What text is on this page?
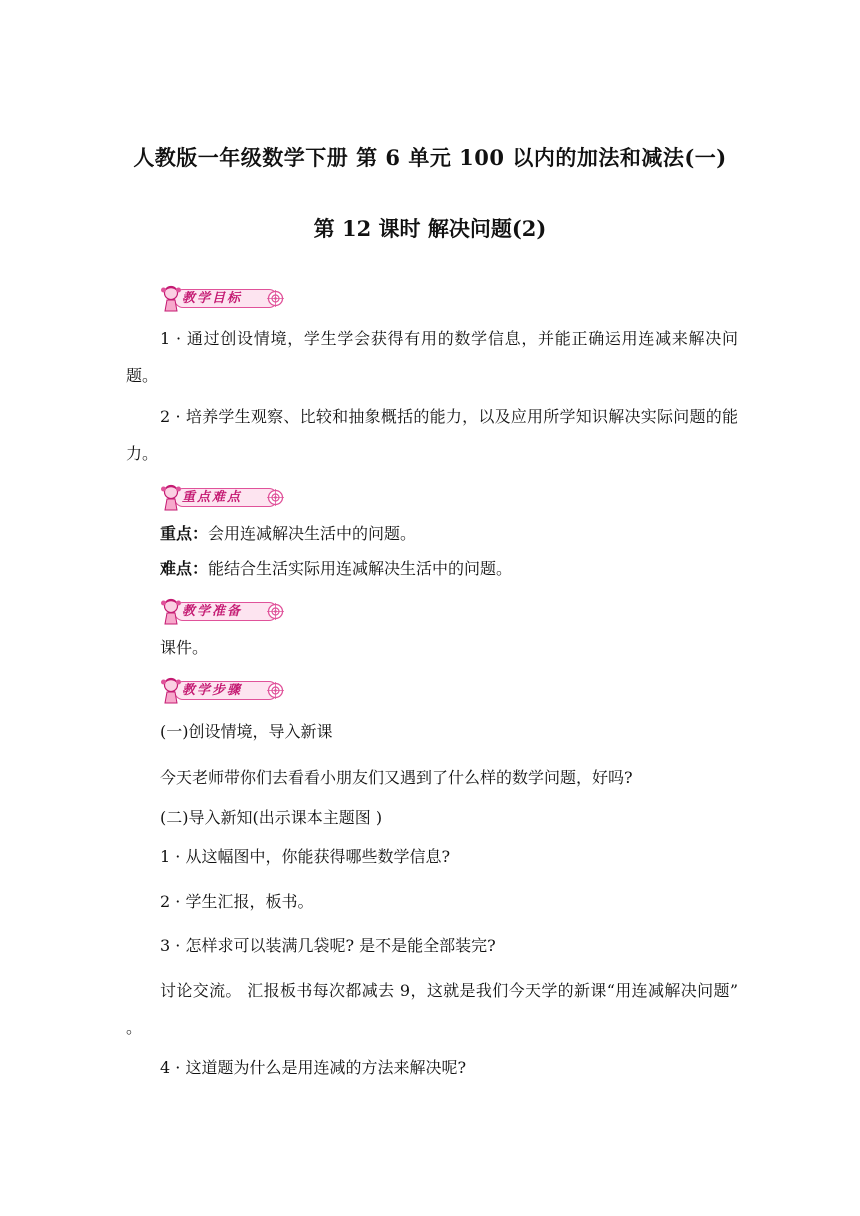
人教版一年级数学下册 第 6 单元 100 以内的加法和减法(一)
第 12 课时 解决问题(2)
教学目标
1 · 通过创设情境，学生学会获得有用的数学信息，并能正确运用连减来解决问题。
2 · 培养学生观察、比较和抽象概括的能力，以及应用所学知识解决实际问题的能力。
重点难点
重点：会用连减解决生活中的问题。
难点：能结合生活实际用连减解决生活中的问题。
教学准备
课件。
教学步骤
(一)创设情境，导入新课
今天老师带你们去看看小朋友们又遇到了什么样的数学问题，好吗?
(二)导入新知(出示课本主题图 )
1 · 从这幅图中，你能获得哪些数学信息?
2 · 学生汇报，板书。
3 · 怎样求可以装满几袋呢? 是不是能全部装完?
讨论交流。 汇报板书每次都减去 9，这就是我们今天学的新课“用连减解决问题” 。
4 · 这道题为什么是用连减的方法来解决呢?
